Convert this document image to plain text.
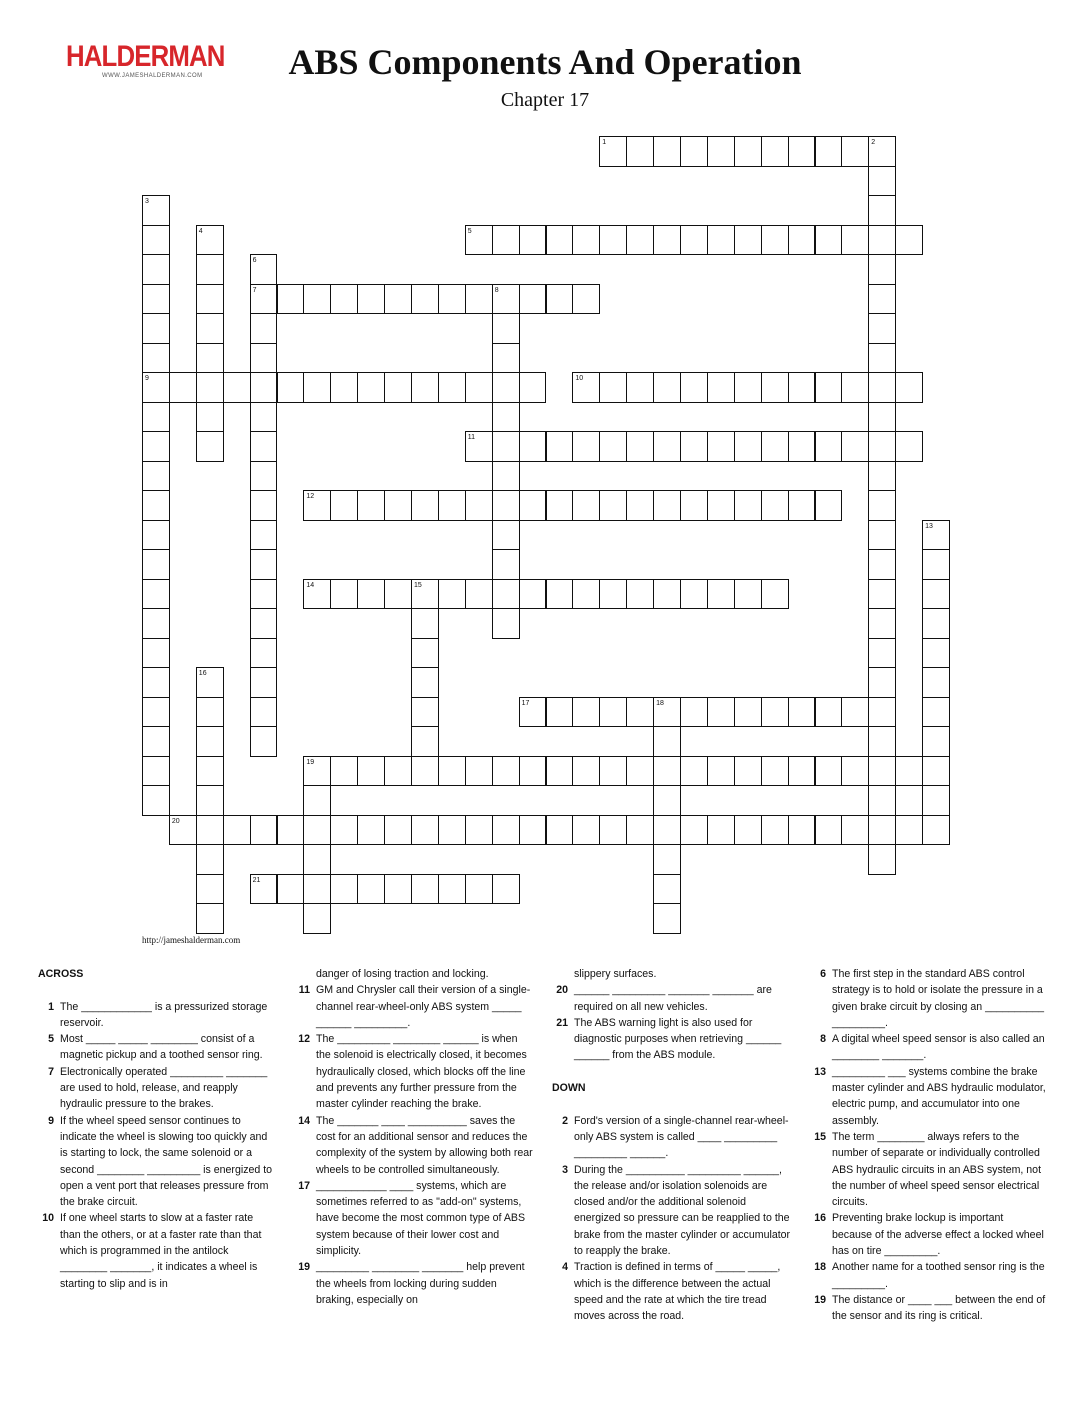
HALDERMAN
WWW.JAMESHALDERMAN.COM	ABS Components And Operation
Chapter 17
1
5
7
9	10
11
12
14
17
19
20
21
2
3
4
6
8
13
15
16
18
http://jameshalderman.com
ACROSS
1 The ____________ is a pressurized storage reservoir.
5 Most _____ _____ ________ consist of a magnetic pickup and a toothed sensor ring.
7 Electronically operated _________ _______ are used to hold, release, and reapply hydraulic pressure to the brakes.
9 If the wheel speed sensor continues to indicate the wheel is slowing too quickly and is starting to lock, the same solenoid or a second ________ _________ is energized to open a vent port that releases pressure from the brake circuit.
10 If one wheel starts to slow at a faster rate than the others, or at a faster rate than that which is programmed in the antilock ________ _______, it indicates a wheel is starting to slip and is in
danger of losing traction and locking.
11 GM and Chrysler call their version of a single-channel rear-wheel-only ABS system _____ ______ _________.
12 The _________ ________ ______ is when the solenoid is electrically closed, it becomes hydraulically closed, which blocks off the line and prevents any further pressure from the master cylinder reaching the brake.
14 The _______ ____ __________ saves the cost for an additional sensor and reduces the complexity of the system by allowing both rear wheels to be controlled simultaneously.
17 ____________ ____ systems, which are sometimes referred to as "add-on" systems, have become the most common type of ABS system because of their lower cost and simplicity.
19 _________ ________ _______ help prevent the wheels from locking during sudden braking, especially on
slippery surfaces.
20 ______ _________ _______ _______ are required on all new vehicles.
21 The ABS warning light is also used for diagnostic purposes when retrieving ______ ______ from the ABS module.
DOWN
2 Ford's version of a single-channel rear-wheel-only ABS system is called ____ _________ _________ ______.
3 During the __________ _________ ______, the release and/or isolation solenoids are closed and/or the additional solenoid energized so pressure can be reapplied to the brake from the master cylinder or accumulator to reapply the brake.
4 Traction is defined in terms of _____ _____, which is the difference between the actual speed and the rate at which the tire tread moves across the road.
6 The first step in the standard ABS control strategy is to hold or isolate the pressure in a given brake circuit by closing an __________ _________.
8 A digital wheel speed sensor is also called an ________ _______.
13 _________ ___ systems combine the brake master cylinder and ABS hydraulic modulator, electric pump, and accumulator into one assembly.
15 The term ________ always refers to the number of separate or individually controlled ABS hydraulic circuits in an ABS system, not the number of wheel speed sensor electrical circuits.
16 Preventing brake lockup is important because of the adverse effect a locked wheel has on tire _________.
18 Another name for a toothed sensor ring is the _________.
19 The distance or ____ ___ between the end of the sensor and its ring is critical.
